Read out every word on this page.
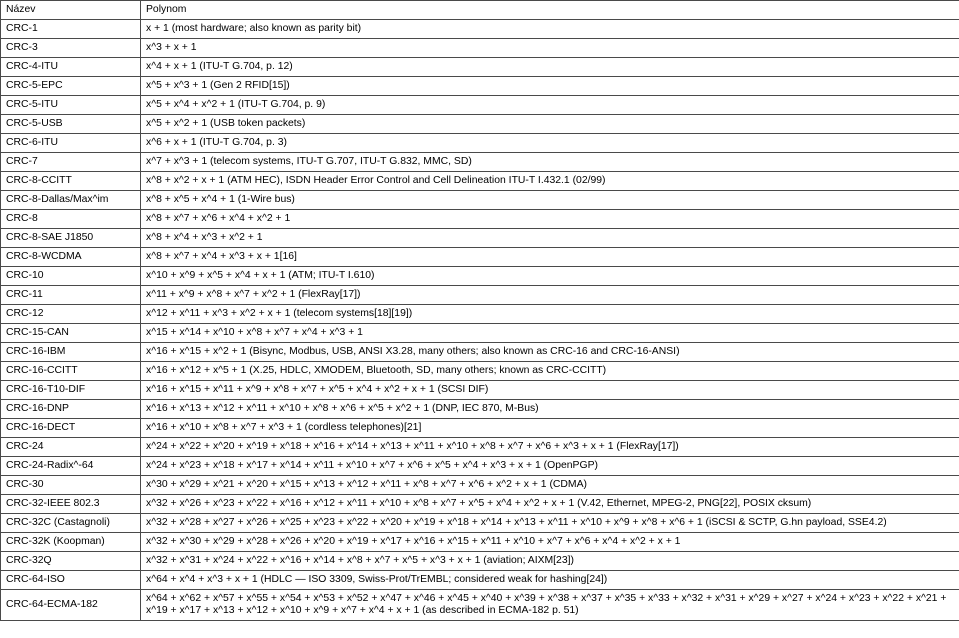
Název	Polynom
CRC-1	x + 1 (most hardware; also known as parity bit)
CRC-3	x^3 + x + 1
CRC-4-ITU	x^4 + x + 1 (ITU-T G.704, p. 12)
CRC-5-EPC	x^5 + x^3 + 1 (Gen 2 RFID[15])
CRC-5-ITU	x^5 + x^4 + x^2 + 1 (ITU-T G.704, p. 9)
CRC-5-USB	x^5 + x^2 + 1 (USB token packets)
CRC-6-ITU	x^6 + x + 1 (ITU-T G.704, p. 3)
CRC-7	x^7 + x^3 + 1 (telecom systems, ITU-T G.707, ITU-T G.832, MMC, SD)
CRC-8-CCITT	x^8 + x^2 + x + 1 (ATM HEC), ISDN Header Error Control and Cell Delineation ITU-T I.432.1 (02/99)
CRC-8-Dallas/Max^im	x^8 + x^5 + x^4 + 1 (1-Wire bus)
CRC-8	x^8 + x^7 + x^6 + x^4 + x^2 + 1
CRC-8-SAE J1850	x^8 + x^4 + x^3 + x^2 + 1
CRC-8-WCDMA	x^8 + x^7 + x^4 + x^3 + x + 1[16]
CRC-10	x^10 + x^9 + x^5 + x^4 + x + 1 (ATM; ITU-T I.610)
CRC-11	x^11 + x^9 + x^8 + x^7 + x^2 + 1 (FlexRay[17])
CRC-12	x^12 + x^11 + x^3 + x^2 + x + 1 (telecom systems[18][19])
CRC-15-CAN	x^15 + x^14 + x^10 + x^8 + x^7 + x^4 + x^3 + 1
CRC-16-IBM	x^16 + x^15 + x^2 + 1 (Bisync, Modbus, USB, ANSI X3.28, many others; also known as CRC-16 and CRC-16-ANSI)
CRC-16-CCITT	x^16 + x^12 + x^5 + 1 (X.25, HDLC, XMODEM, Bluetooth, SD, many others; known as CRC-CCITT)
CRC-16-T10-DIF	x^16 + x^15 + x^11 + x^9 + x^8 + x^7 + x^5 + x^4 + x^2 + x + 1 (SCSI DIF)
CRC-16-DNP	x^16 + x^13 + x^12 + x^11 + x^10 + x^8 + x^6 + x^5 + x^2 + 1 (DNP, IEC 870, M-Bus)
CRC-16-DECT	x^16 + x^10 + x^8 + x^7 + x^3 + 1 (cordless telephones)[21]
CRC-24	x^24 + x^22 + x^20 + x^19 + x^18 + x^16 + x^14 + x^13 + x^11 + x^10 + x^8 + x^7 + x^6 + x^3 + x + 1 (FlexRay[17])
CRC-24-Radix^-64	x^24 + x^23 + x^18 + x^17 + x^14 + x^11 + x^10 + x^7 + x^6 + x^5 + x^4 + x^3 + x + 1 (OpenPGP)
CRC-30	x^30 + x^29 + x^21 + x^20 + x^15 + x^13 + x^12 + x^11 + x^8 + x^7 + x^6 + x^2 + x + 1 (CDMA)
CRC-32-IEEE 802.3	x^32 + x^26 + x^23 + x^22 + x^16 + x^12 + x^11 + x^10 + x^8 + x^7 + x^5 + x^4 + x^2 + x + 1 (V.42, Ethernet, MPEG-2, PNG[22], POSIX cksum)
CRC-32C (Castagnoli)	x^32 + x^28 + x^27 + x^26 + x^25 + x^23 + x^22 + x^20 + x^19 + x^18 + x^14 + x^13 + x^11 + x^10 + x^9 + x^8 + x^6 + 1 (iSCSI & SCTP, G.hn payload, SSE4.2)
CRC-32K (Koopman)	x^32 + x^30 + x^29 + x^28 + x^26 + x^20 + x^19 + x^17 + x^16 + x^15 + x^11 + x^10 + x^7 + x^6 + x^4 + x^2 + x + 1
CRC-32Q	x^32 + x^31 + x^24 + x^22 + x^16 + x^14 + x^8 + x^7 + x^5 + x^3 + x + 1 (aviation; AIXM[23])
CRC-64-ISO	x^64 + x^4 + x^3 + x + 1 (HDLC — ISO 3309, Swiss-Prot/TrEMBL; considered weak for hashing[24])
CRC-64-ECMA-182	x^64 + x^62 + x^57 + x^55 + x^54 + x^53 + x^52 + x^47 + x^46 + x^45 + x^40 + x^39 + x^38 + x^37 + x^35 + x^33 + x^32 + x^31 + x^29 + x^27 + x^24 + x^23 + x^22 + x^21 + x^19 + x^17 + x^13 + x^12 + x^10 + x^9 + x^7 + x^4 + x + 1 (as described in ECMA-182 p. 51)
